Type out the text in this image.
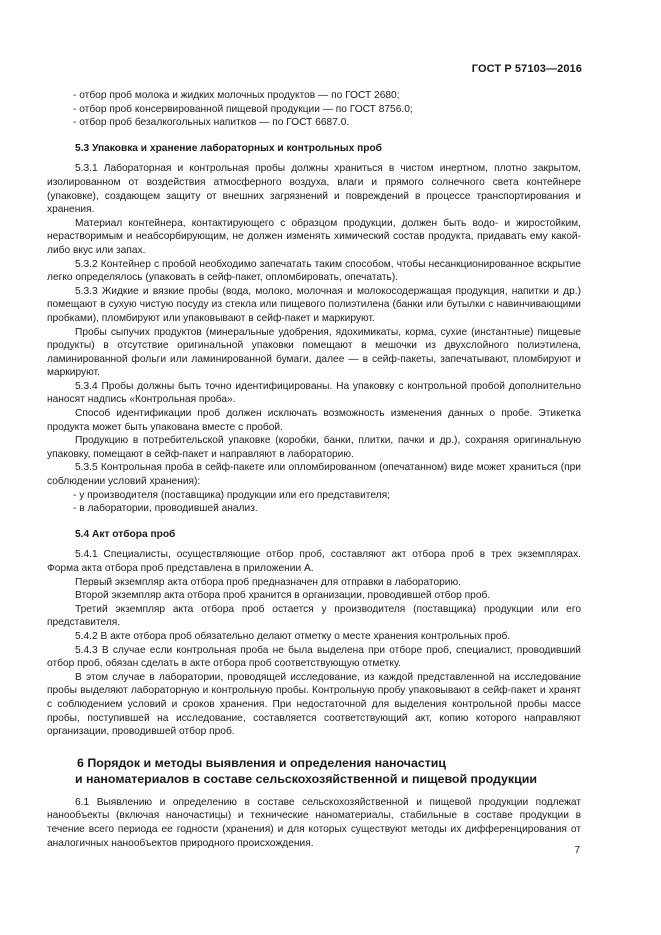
ГОСТ Р 57103—2016

‐ отбор проб молока и жидких молочных продуктов — по ГОСТ 2680;

‐ отбор проб консервированной пищевой продукции — по ГОСТ 8756.0;

‐ отбор проб безалкогольных напитков — по ГОСТ 6687.0.

5.3 Упаковка и хранение лабораторных и контрольных проб

5.3.1 Лабораторная и контрольная пробы должны храниться в чистом инертном, плотно закрытом, изолированном от воздействия атмосферного воздуха, влаги и прямого солнечного света контейнере (упаковке), создающем защиту от внешних загрязнений и повреждений в процессе транспортирования и хранения.

Материал контейнера, контактирующего с образцом продукции, должен быть водо- и жиростойким, нерастворимым и неабсорбирующим, не должен изменять химический состав продукта, придавать ему какой-либо вкус или запах.

5.3.2 Контейнер с пробой необходимо запечатать таким способом, чтобы несанкционированное вскрытие легко определялось (упаковать в сейф-пакет, опломбировать, опечатать).

5.3.3 Жидкие и вязкие пробы (вода, молоко, молочная и молокосодержащая продукция, напитки и др.) помещают в сухую чистую посуду из стекла или пищевого полиэтилена (банки или бутылки с навинчивающими пробками), пломбируют или упаковывают в сейф-пакет и маркируют.

Пробы сыпучих продуктов (минеральные удобрения, ядохимикаты, корма, сухие (инстантные) пищевые продукты) в отсутствие оригинальной упаковки помещают в мешочки из двухслойного полиэтилена, ламинированной фольги или ламинированной бумаги, далее — в сейф-пакеты, запечатывают, пломбируют и маркируют.

5.3.4 Пробы должны быть точно идентифицированы. На упаковку с контрольной пробой дополнительно наносят надпись «Контрольная проба».

Способ идентификации проб должен исключать возможность изменения данных о пробе. Этикетка продукта может быть упакована вместе с пробой.

Продукцию в потребительской упаковке (коробки, банки, плитки, пачки и др.), сохраняя оригинальную упаковку, помещают в сейф-пакет и направляют в лабораторию.

5.3.5 Контрольная проба в сейф-пакете или опломбированном (опечатанном) виде может храниться (при соблюдении условий хранения):

‐ у производителя (поставщика) продукции или его представителя;

‐ в лаборатории, проводившей анализ.

5.4 Акт отбора проб

5.4.1 Специалисты, осуществляющие отбор проб, составляют акт отбора проб в трех экземплярах. Форма акта отбора проб представлена в приложении А.

Первый экземпляр акта отбора проб предназначен для отправки в лабораторию.

Второй экземпляр акта отбора проб хранится в организации, проводившей отбор проб.

Третий экземпляр акта отбора проб остается у производителя (поставщика) продукции или его представителя.

5.4.2 В акте отбора проб обязательно делают отметку о месте хранения контрольных проб.

5.4.3 В случае если контрольная проба не была выделена при отборе проб, специалист, проводивший отбор проб, обязан сделать в акте отбора проб соответствующую отметку.

В этом случае в лаборатории, проводящей исследование, из каждой представленной на исследование пробы выделяют лабораторную и контрольную пробы. Контрольную пробу упаковывают в сейф-пакет и хранят с соблюдением условий и сроков хранения. При недостаточной для выделения контрольной пробы массе пробы, поступившей на исследование, составляется соответствующий акт, копию которого направляют организации, проводившей отбор проб.

6 Порядок и методы выявления и определения наночастиц
и наноматериалов в составе сельскохозяйственной и пищевой продукции

6.1 Выявлению и определению в составе сельскохозяйственной и пищевой продукции подлежат нанообъекты (включая наночастицы) и технические наноматериалы, стабильные в составе продукции в течение всего периода ее годности (хранения) и для которых существуют методы их дифференцирования от аналогичных нанообъектов природного происхождения.

7
